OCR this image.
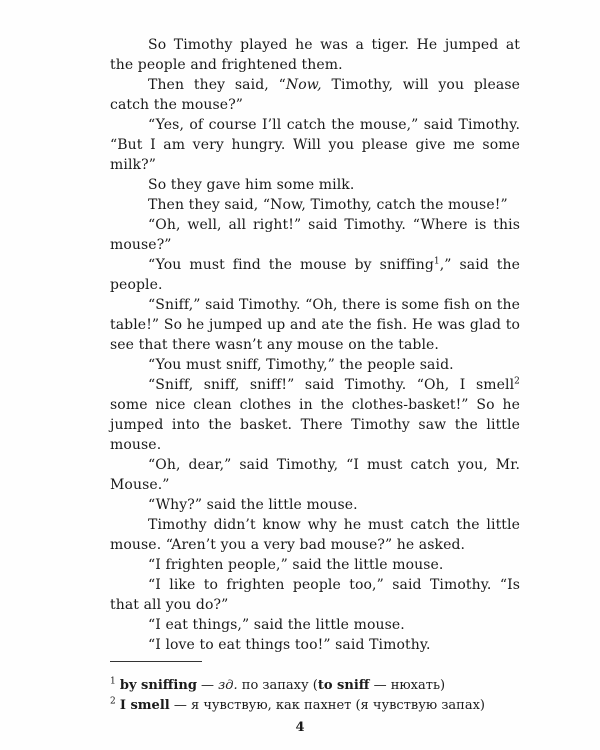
So Timothy played he was a tiger. He jumped at the people and frightened them.

Then they said, “Now, Timothy, will you please catch the mouse?”

“Yes, of course I’ll catch the mouse,” said Timothy. “But I am very hungry. Will you please give me some milk?”

So they gave him some milk.

Then they said, “Now, Timothy, catch the mouse!”

“Oh, well, all right!” said Timothy. “Where is this mouse?”

“You must find the mouse by sniffing$^1$,” said the people.

“Sniff,” said Timothy. “Oh, there is some fish on the table!” So he jumped up and ate the fish. He was glad to see that there wasn’t any mouse on the table.

“You must sniff, Timothy,” the people said.

“Sniff, sniff, sniff!” said Timothy. “Oh, I smell$^2$ some nice clean clothes in the clothes-basket!” So he jumped into the basket. There Timothy saw the little mouse.

“Oh, dear,” said Timothy, “I must catch you, Mr. Mouse.”

“Why?” said the little mouse.

Timothy didn’t know why he must catch the little mouse. “Aren’t you a very bad mouse?” he asked.

“I frighten people,” said the little mouse.

“I like to frighten people too,” said Timothy. “Is that all you do?”

“I eat things,” said the little mouse.

“I love to eat things too!” said Timothy.

$^1$ by sniffing — зд. по запаху (to sniff — нюхать)
$^2$ I smell — я чувствую, как пахнет (я чувствую запах)
4
